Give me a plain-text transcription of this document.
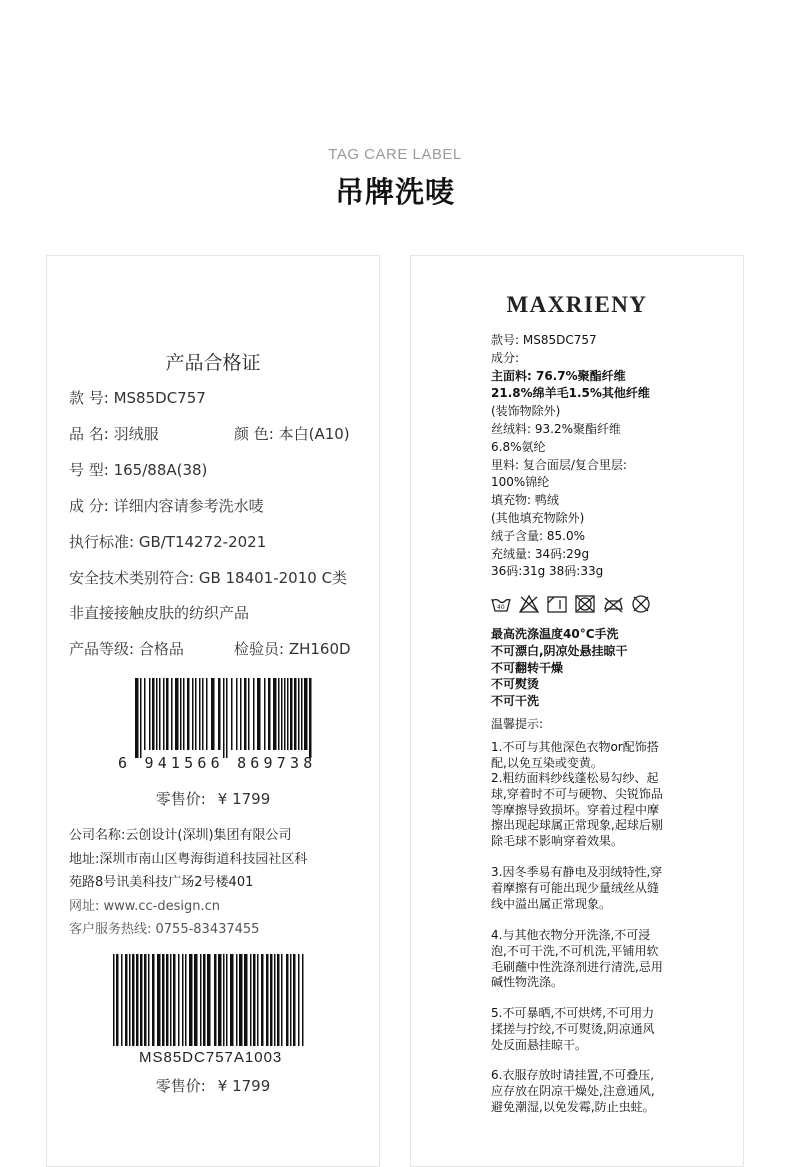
TAG CARE LABEL
吊牌洗唛
产品合格证
款 号: MS85DC757
品 名: 羽绒服	颜 色: 本白(A10)
号 型: 165/88A(38)
成 分: 详细内容请参考洗水唛
执行标准: GB/T14272-2021
安全技术类别符合: GB 18401-2010 C类
非直接接触皮肤的纺织产品
产品等级: 合格品	检验员: ZH160D
6 941566 869738
零售价: ¥ 1799
公司名称:云创设计(深圳)集团有限公司
地址:深圳市南山区粤海街道科技园社区科
苑路8号讯美科技广场2号楼401
网址: www.cc-design.cn
客户服务热线: 0755-83437455
MS85DC757A1003
零售价: ¥ 1799
MAXRIENY
款号: MS85DC757
成分:
主面料: 76.7%聚酯纤维
21.8%绵羊毛1.5%其他纤维
(装饰物除外)
丝绒料: 93.2%聚酯纤维
6.8%氨纶
里料: 复合面层/复合里层:
100%锦纶
填充物: 鸭绒
(其他填充物除外)
绒子含量: 85.0%
充绒量: 34码:29g
36码:31g 38码:33g
40
最高洗涤温度40°C手洗
不可漂白,阴凉处悬挂晾干
不可翻转干燥
不可熨烫
不可干洗
温馨提示:
1.不可与其他深色衣物or配饰搭配,以免互染或变黄。
2.粗纺面料纱线蓬松易勾纱、起球,穿着时不可与硬物、尖锐饰品等摩擦导致损坏。穿着过程中摩擦出现起球属正常现象,起球后剔除毛球不影响穿着效果。
3.因冬季易有静电及羽绒特性,穿着摩擦有可能出现少量绒丝从缝线中溢出属正常现象。
4.与其他衣物分开洗涤,不可浸泡,不可干洗,不可机洗,平铺用软毛刷蘸中性洗涤剂进行清洗,忌用碱性物洗涤。
5.不可暴晒,不可烘烤,不可用力揉搓与拧绞,不可熨烫,阴凉通风处反面悬挂晾干。
6.衣服存放时请挂置,不可叠压,应存放在阴凉干燥处,注意通风,避免潮湿,以免发霉,防止虫蛀。
